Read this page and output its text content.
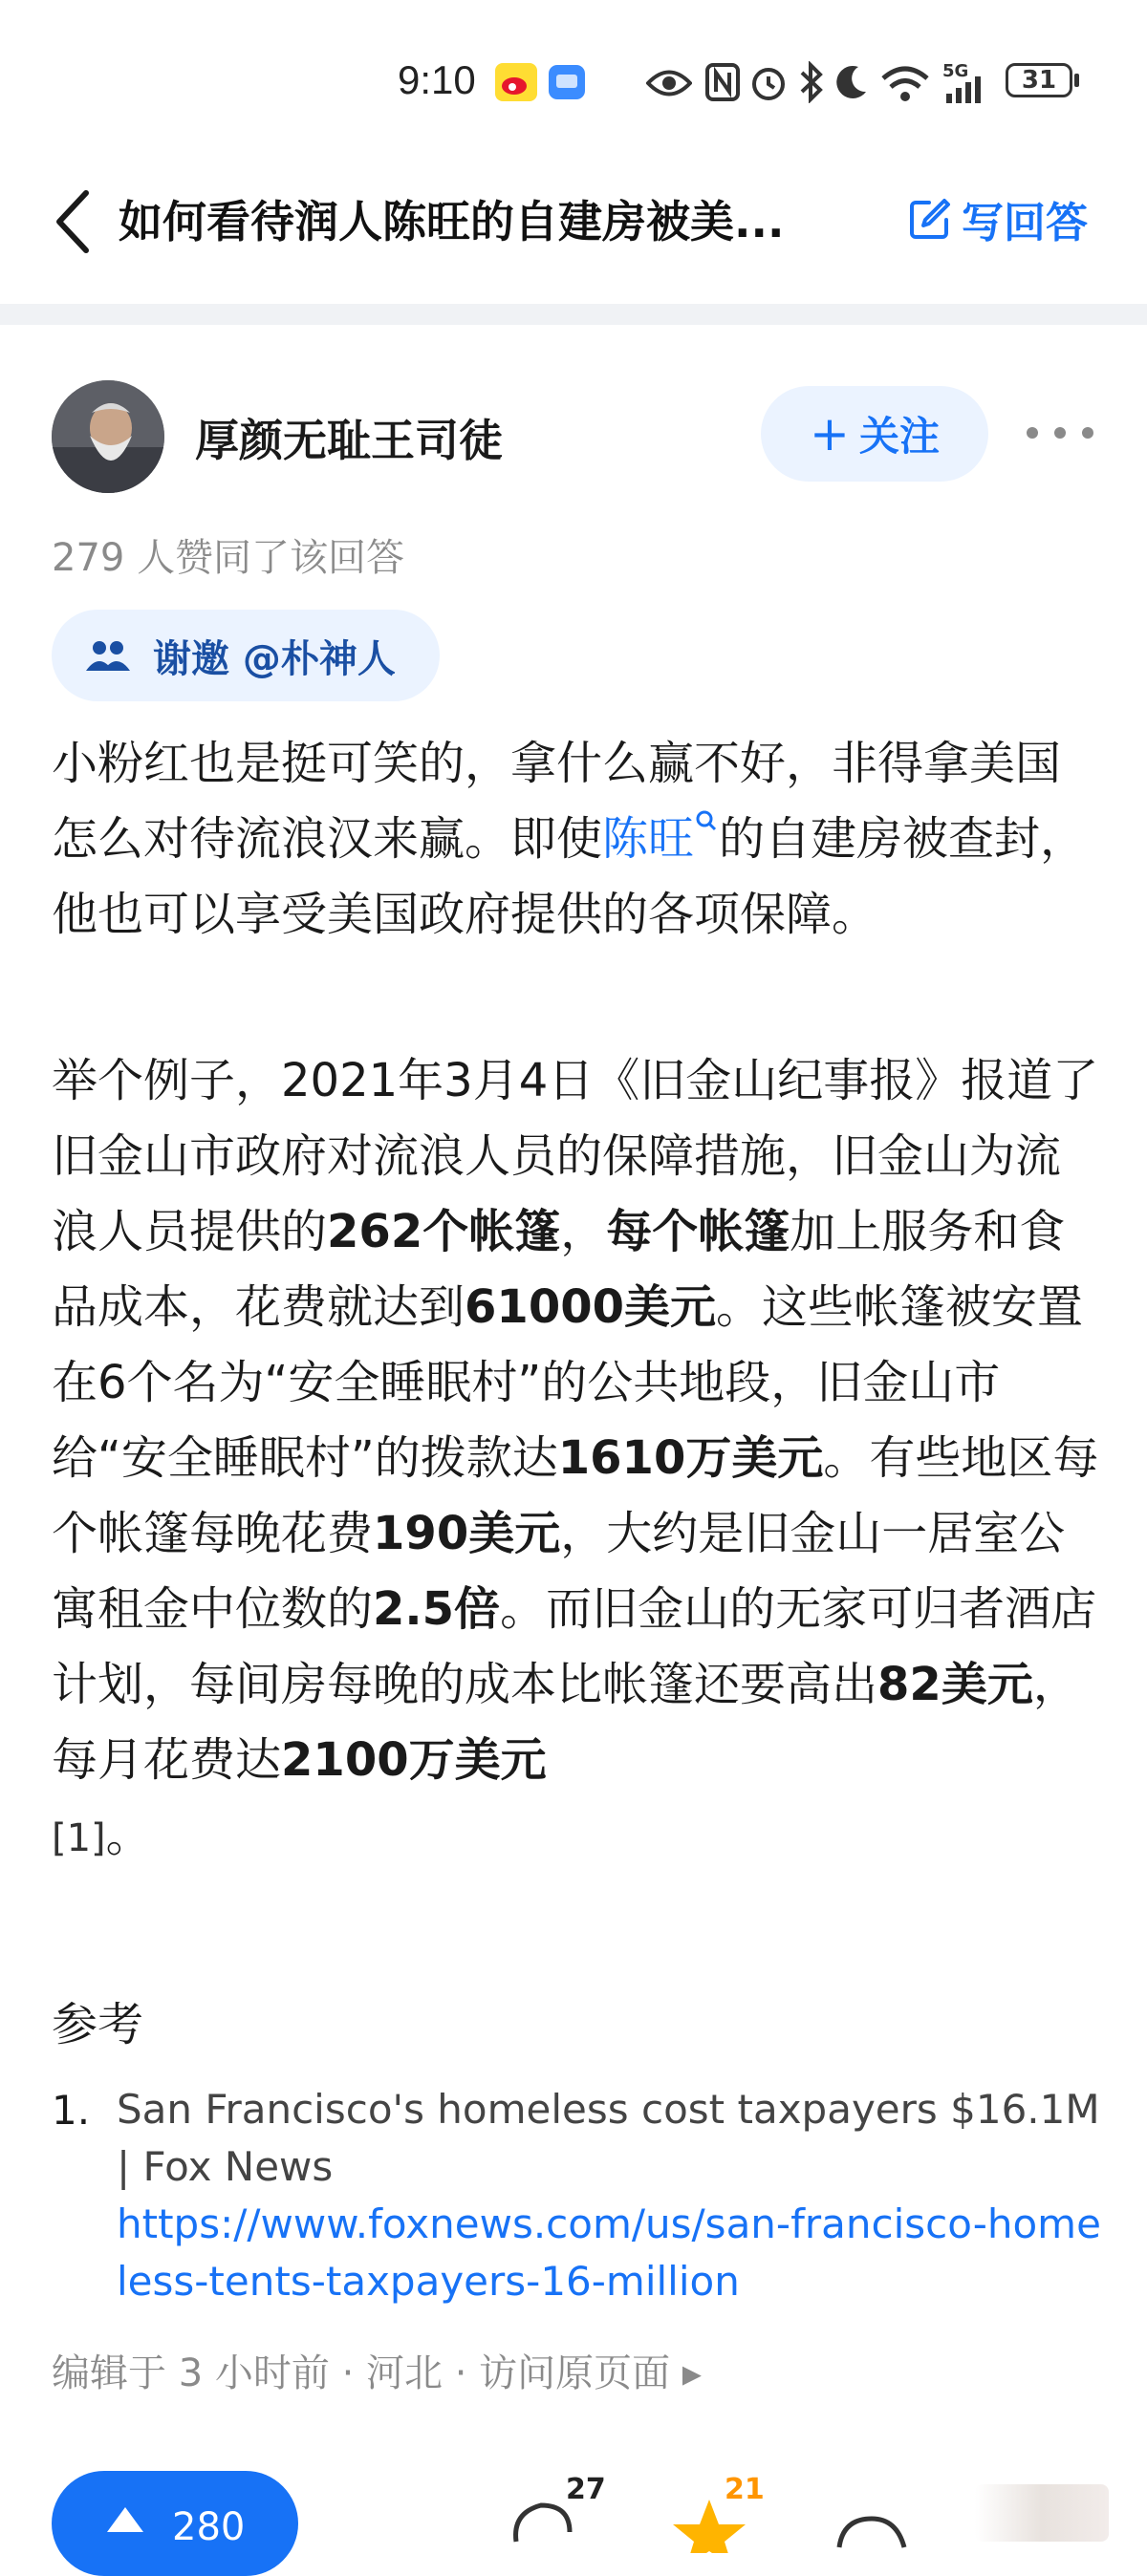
9:10	5G	31
如何看待润人陈旺的自建房被美...	写回答
厚颜无耻王司徒	+ 关注
279 人赞同了该回答
谢邀 @朴神人
小粉红也是挺可笑的，拿什么赢不好，非得拿美国怎么对待流浪汉来赢。即使陈旺 的自建房被查封，他也可以享受美国政府提供的各项保障。
举个例子，2021年3月4日《旧金山纪事报》报道了旧金山市政府对流浪人员的保障措施，旧金山为流浪人员提供的262个帐篷，每个帐篷加上服务和食品成本，花费就达到61000美元。这些帐篷被安置在6个名为“安全睡眠村”的公共地段，旧金山市给“安全睡眠村”的拨款达1610万美元。有些地区每个帐篷每晚花费190美元，大约是旧金山一居室公寓租金中位数的2.5倍。而旧金山的无家可归者酒店计划，每间房每晚的成本比帐篷还要高出82美元，每月花费达2100万美元
[1]。
参考
1. San Francisco's homeless cost taxpayers $16.1M | Fox News
https://www.foxnews.com/us/san-francisco-homeless-tents-taxpayers-16-million
编辑于 3 小时前 · 河北 · 访问原页面 ▸
280
27	21
